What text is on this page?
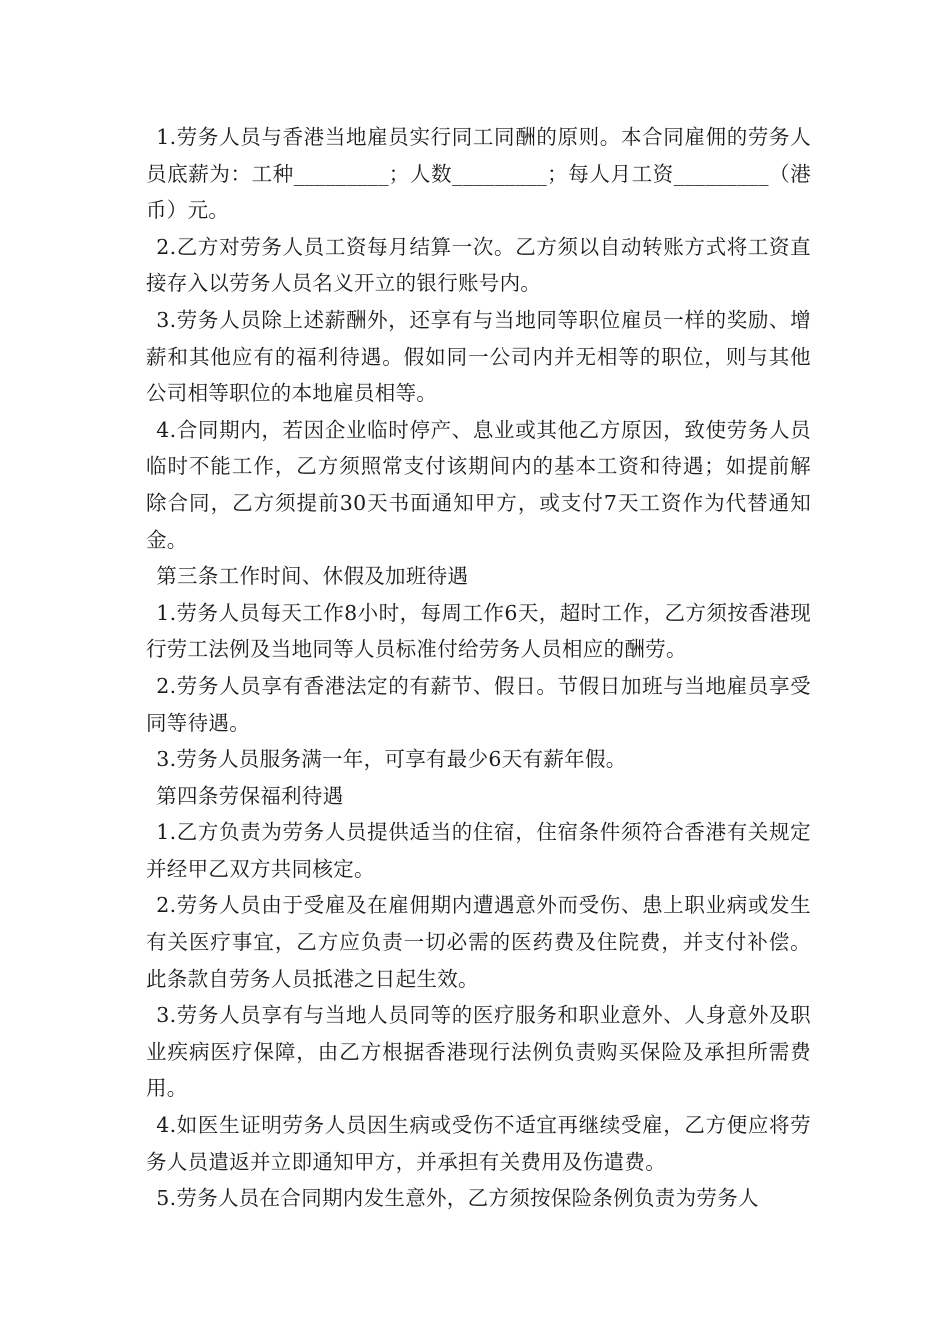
1.劳务人员与香港当地雇员实行同工同酬的原则。本合同雇佣的劳务人员底薪为：工种_________；人数_________；每人月工资_________（港币）元。

2.乙方对劳务人员工资每月结算一次。乙方须以自动转账方式将工资直接存入以劳务人员名义开立的银行账号内。

3.劳务人员除上述薪酬外，还享有与当地同等职位雇员一样的奖励、增薪和其他应有的福利待遇。假如同一公司内并无相等的职位，则与其他公司相等职位的本地雇员相等。

4.合同期内，若因企业临时停产、息业或其他乙方原因，致使劳务人员临时不能工作，乙方须照常支付该期间内的基本工资和待遇；如提前解除合同，乙方须提前30天书面通知甲方，或支付7天工资作为代替通知金。

第三条工作时间、休假及加班待遇

1.劳务人员每天工作8小时，每周工作6天，超时工作，乙方须按香港现行劳工法例及当地同等人员标准付给劳务人员相应的酬劳。

2.劳务人员享有香港法定的有薪节、假日。节假日加班与当地雇员享受同等待遇。

3.劳务人员服务满一年，可享有最少6天有薪年假。

第四条劳保福利待遇

1.乙方负责为劳务人员提供适当的住宿，住宿条件须符合香港有关规定并经甲乙双方共同核定。

2.劳务人员由于受雇及在雇佣期内遭遇意外而受伤、患上职业病或发生有关医疗事宜，乙方应负责一切必需的医药费及住院费，并支付补偿。此条款自劳务人员抵港之日起生效。

3.劳务人员享有与当地人员同等的医疗服务和职业意外、人身意外及职业疾病医疗保障，由乙方根据香港现行法例负责购买保险及承担所需费用。

4.如医生证明劳务人员因生病或受伤不适宜再继续受雇，乙方便应将劳务人员遣返并立即通知甲方，并承担有关费用及伤遣费。

5.劳务人员在合同期内发生意外，乙方须按保险条例负责为劳务人
